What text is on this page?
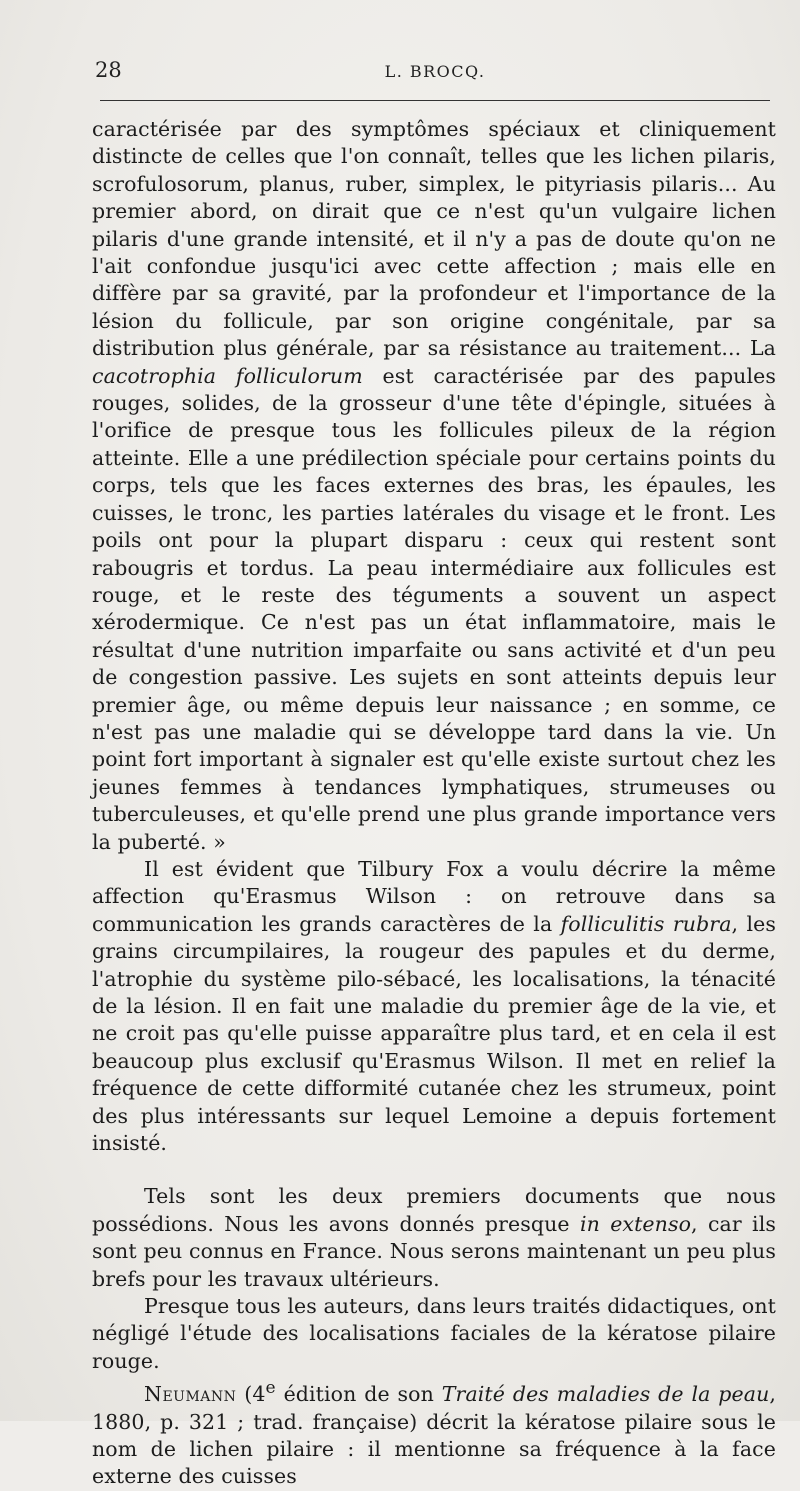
28	L. BROCQ.

caractérisée par des symptômes spéciaux et cliniquement distincte de celles que l'on connaît, telles que les lichen pilaris, scrofulosorum, planus, ruber, simplex, le pityriasis pilaris... Au premier abord, on dirait que ce n'est qu'un vulgaire lichen pilaris d'une grande intensité, et il n'y a pas de doute qu'on ne l'ait confondue jusqu'ici avec cette affection ; mais elle en diffère par sa gravité, par la profondeur et l'importance de la lésion du follicule, par son origine congénitale, par sa distribution plus générale, par sa résistance au traitement... La cacotrophia folliculorum est caractérisée par des papules rouges, solides, de la grosseur d'une tête d'épingle, situées à l'orifice de presque tous les follicules pileux de la région atteinte. Elle a une prédilection spéciale pour certains points du corps, tels que les faces externes des bras, les épaules, les cuisses, le tronc, les parties latérales du visage et le front. Les poils ont pour la plupart disparu : ceux qui restent sont rabougris et tordus. La peau intermédiaire aux follicules est rouge, et le reste des téguments a souvent un aspect xérodermique. Ce n'est pas un état inflammatoire, mais le résultat d'une nutrition imparfaite ou sans activité et d'un peu de congestion passive. Les sujets en sont atteints depuis leur premier âge, ou même depuis leur naissance ; en somme, ce n'est pas une maladie qui se développe tard dans la vie. Un point fort important à signaler est qu'elle existe surtout chez les jeunes femmes à tendances lymphatiques, strumeuses ou tuberculeuses, et qu'elle prend une plus grande importance vers la puberté. »

Il est évident que Tilbury Fox a voulu décrire la même affection qu'Erasmus Wilson : on retrouve dans sa communication les grands caractères de la folliculitis rubra, les grains circumpilaires, la rougeur des papules et du derme, l'atrophie du système pilo-sébacé, les localisations, la ténacité de la lésion. Il en fait une maladie du premier âge de la vie, et ne croit pas qu'elle puisse apparaître plus tard, et en cela il est beaucoup plus exclusif qu'Erasmus Wilson. Il met en relief la fréquence de cette difformité cutanée chez les strumeux, point des plus intéressants sur lequel Lemoine a depuis fortement insisté.

Tels sont les deux premiers documents que nous possédions. Nous les avons donnés presque in extenso, car ils sont peu connus en France. Nous serons maintenant un peu plus brefs pour les travaux ultérieurs.

Presque tous les auteurs, dans leurs traités didactiques, ont négligé l'étude des localisations faciales de la kératose pilaire rouge.

Neumann (4e édition de son Traité des maladies de la peau, 1880, p. 321 ; trad. française) décrit la kératose pilaire sous le nom de lichen pilaire : il mentionne sa fréquence à la face externe des cuisses
